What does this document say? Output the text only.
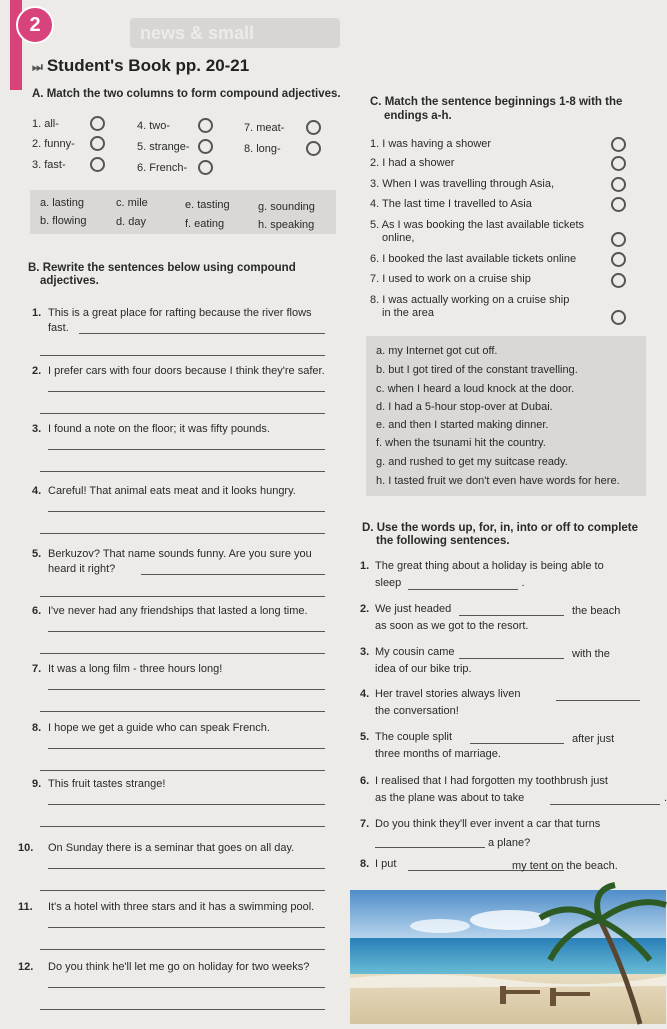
2	news & small
⏭ Student's Book pp. 20-21
A. Match the two columns to form compound adjectives.
1. all-
2. funny-
3. fast-
4. two-
5. strange-
6. French-
7. meat-
8. long-
a. lasting
b. flowing
c. mile
d. day
e. tasting
f. eating
g. sounding
h. speaking
B. Rewrite the sentences below using compound
adjectives.
1. This is a great place for rafting because the river flows
fast.
2. I prefer cars with four doors because I think they're safer.
3. I found a note on the floor; it was fifty pounds.
4. Careful! That animal eats meat and it looks hungry.
5. Berkuzov? That name sounds funny. Are you sure you
heard it right?
6. I've never had any friendships that lasted a long time.
7. It was a long film - three hours long!
8. I hope we get a guide who can speak French.
9. This fruit tastes strange!
10. On Sunday there is a seminar that goes on all day.
11. It's a hotel with three stars and it has a swimming pool.
12. Do you think he'll let me go on holiday for two weeks?
C. Match the sentence beginnings 1-8 with the
endings a-h.
1. I was having a shower
2. I had a shower
3. When I was travelling through Asia,
4. The last time I travelled to Asia
5. As I was booking the last available tickets
online,
6. I booked the last available tickets online
7. I used to work on a cruise ship
8. I was actually working on a cruise ship
in the area
a. my Internet got cut off.
b. but I got tired of the constant travelling.
c. when I heard a loud knock at the door.
d. I had a 5-hour stop-over at Dubai.
e. and then I started making dinner.
f. when the tsunami hit the country.
g. and rushed to get my suitcase ready.
h. I tasted fruit we don't even have words for here.
D. Use the words up, for, in, into or off to complete
the following sentences.
1. The great thing about a holiday is being able to
sleep	.
2. We just headed	the beach
as soon as we got to the resort.
3. My cousin came	with the
idea of our bike trip.
4. Her travel stories always liven
the conversation!
5. The couple split	after just
three months of marriage.
6. I realised that I had forgotten my toothbrush just
as the plane was about to take	.
7. Do you think they'll ever invent a car that turns
a plane?
8. I put	my tent on the beach.
